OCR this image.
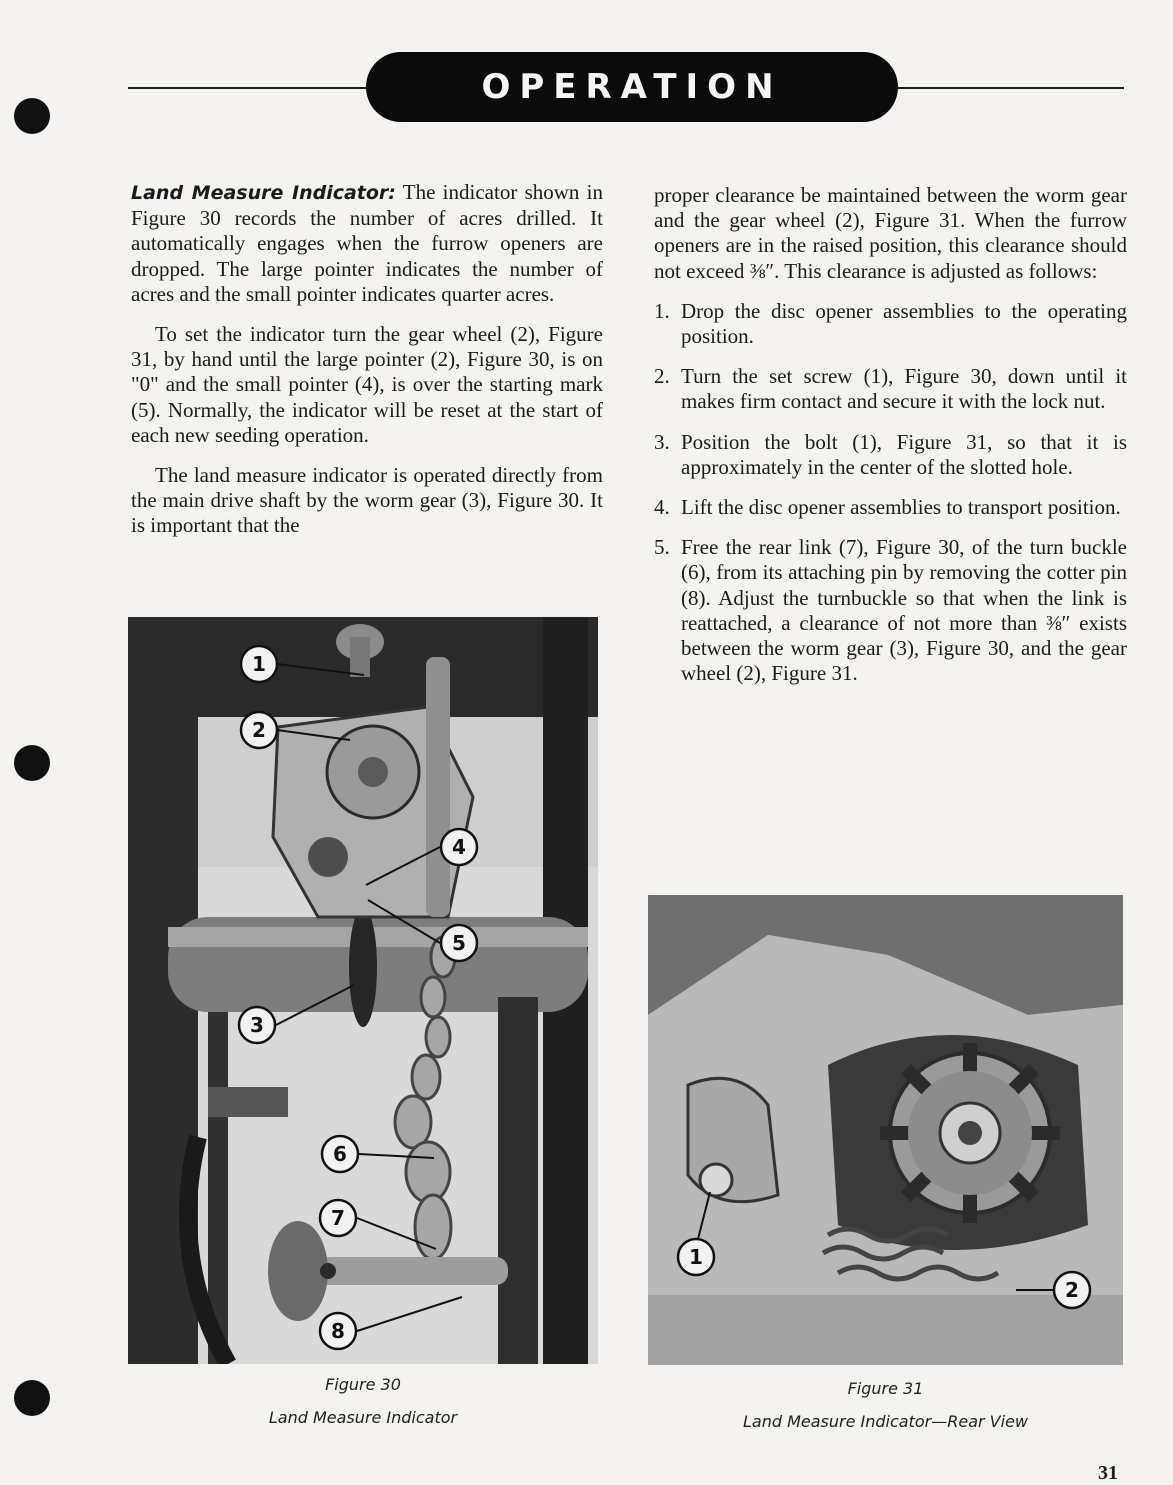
OPERATION

Land Measure Indicator: The indicator shown in Figure 30 records the number of acres drilled. It automatically engages when the furrow openers are dropped. The large pointer indicates the number of acres and the small pointer indicates quarter acres.

To set the indicator turn the gear wheel (2), Figure 31, by hand until the large pointer (2), Figure 30, is on "0" and the small pointer (4), is over the starting mark (5). Normally, the indicator will be reset at the start of each new seeding operation.

The land measure indicator is operated directly from the main drive shaft by the worm gear (3), Figure 30. It is important that the

proper clearance be maintained between the worm gear and the gear wheel (2), Figure 31. When the furrow openers are in the raised position, this clearance should not exceed ⅜″. This clearance is adjusted as follows:

1. Drop the disc opener assemblies to the operating position.
2. Turn the set screw (1), Figure 30, down until it makes firm contact and secure it with the lock nut.
3. Position the bolt (1), Figure 31, so that it is approximately in the center of the slotted hole.
4. Lift the disc opener assemblies to transport position.
5. Free the rear link (7), Figure 30, of the turn buckle (6), from its attaching pin by removing the cotter pin (8). Adjust the turnbuckle so that when the link is reattached, a clearance of not more than ⅜″ exists between the worm gear (3), Figure 30, and the gear wheel (2), Figure 31.
1
2
3
4
5
6
7
8
Figure 30
Land Measure Indicator
1
2
Figure 31
Land Measure Indicator—Rear View
31
